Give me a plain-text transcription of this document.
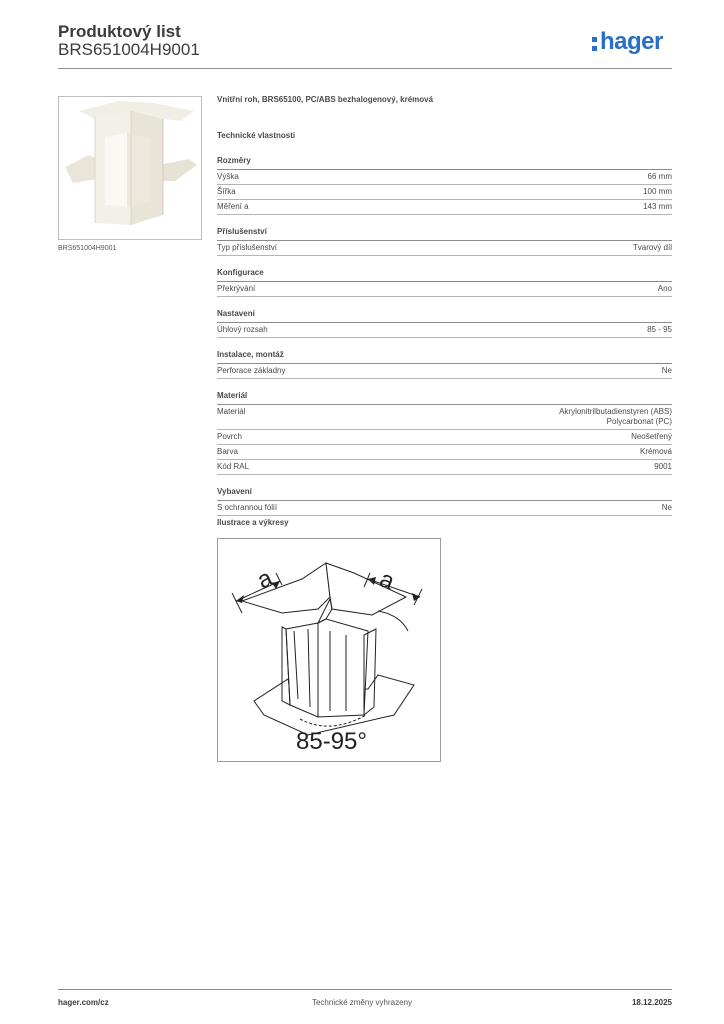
Produktový list
BRS651004H9001	hager
BRS651004H9001
Vnitřní roh, BRS65100, PC/ABS bezhalogenový, krémová
Technické vlastnosti
Rozměry
Výška	66 mm
Šířka	100 mm
Měření a	143 mm
Příslušenství
Typ příslušenství	Tvarový díl
Konfigurace
Překrývání	Ano
Nastavení
Úhlový rozsah	85 - 95
Instalace, montáž
Perforace základny	Ne
Materiál
Materiál	Akrylonitrilbutadienstyren (ABS)
Polycarbonat (PC)
Povrch	Neošetřený
Barva	Krémová
Kód RAL	9001
Vybavení
S ochrannou fólií	Ne
Ilustrace a výkresy
a	a
85-95°
hager.com/cz	Technické změny vyhrazeny	18.12.2025
